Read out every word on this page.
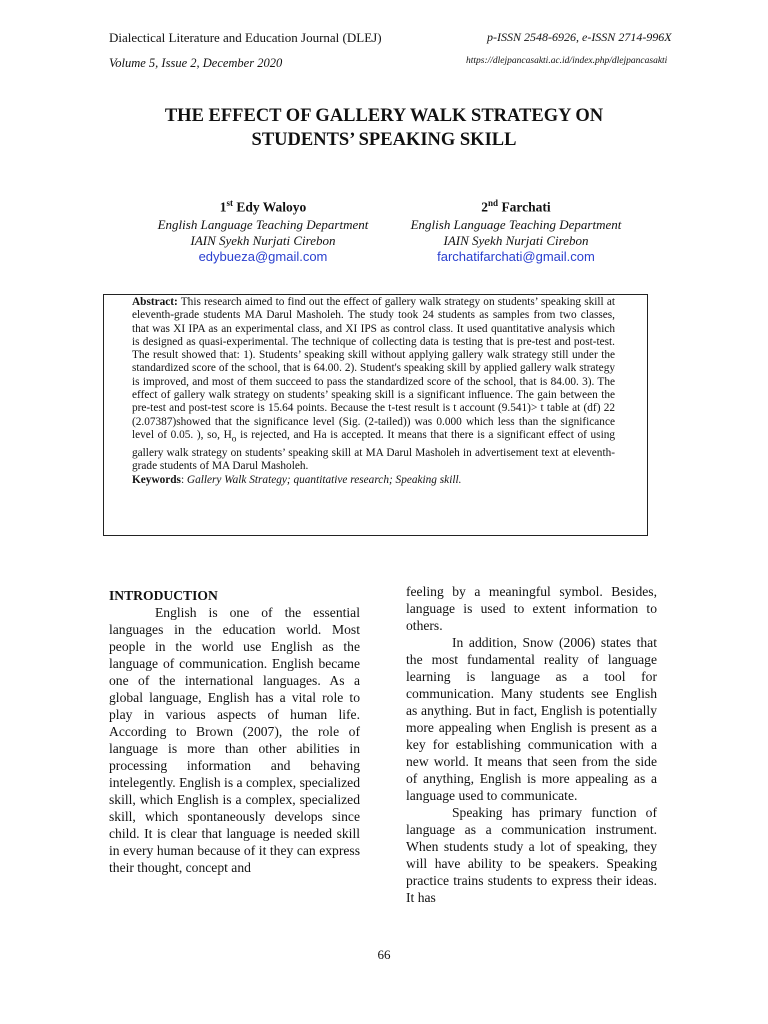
Dialectical Literature and Education Journal (DLEJ)	p-ISSN 2548-6926, e-ISSN 2714-996X
Volume 5, Issue 2, December 2020	https://dlejpancasakti.ac.id/index.php/dlejpancasakti
THE EFFECT OF GALLERY WALK STRATEGY ON
STUDENTS’ SPEAKING SKILL
1st Edy Waloyo
English Language Teaching Department
IAIN Syekh Nurjati Cirebon
edybueza@gmail.com
2nd Farchati
English Language Teaching Department
IAIN Syekh Nurjati Cirebon
farchatifarchati@gmail.com
Abstract: This research aimed to find out the effect of gallery walk strategy on students’ speaking skill at eleventh-grade students MA Darul Masholeh. The study took 24 students as samples from two classes, that was XI IPA as an experimental class, and XI IPS as control class. It used quantitative analysis which is designed as quasi-experimental. The technique of collecting data is testing that is pre-test and post-test. The result showed that: 1). Students’ speaking skill without applying gallery walk strategy still under the standardized score of the school, that is 64.00. 2). Student's speaking skill by applied gallery walk strategy is improved, and most of them succeed to pass the standardized score of the school, that is 84.00. 3). The effect of gallery walk strategy on students’ speaking skill is a significant influence. The gain between the pre-test and post-test score is 15.64 points. Because the t-test result is t account (9.541)> t table at (df) 22 (2.07387)showed that the significance level (Sig. (2-tailed)) was 0.000 which less than the significance level of 0.05. ), so, $H_o$ is rejected, and Ha is accepted. It means that there is a significant effect of using gallery walk strategy on students’ speaking skill at MA Darul Masholeh in advertisement text at eleventh-grade students of MA Darul Masholeh.
Keywords: Gallery Walk Strategy; quantitative research; Speaking skill.
INTRODUCTION

English is one of the essential languages in the education world. Most people in the world use English as the language of communication. English became one of the international languages. As a global language, English has a vital role to play in various aspects of human life. According to Brown (2007), the role of language is more than other abilities in processing information and behaving intelegently. English is a complex, specialized skill, which English is a complex, specialized skill, which spontaneously develops since child. It is clear that language is needed skill in every human because of it they can express their thought, concept and

feeling by a meaningful symbol. Besides, language is used to extent information to others.

In addition, Snow (2006) states that the most fundamental reality of language learning is language as a tool for communication. Many students see English as anything. But in fact, English is potentially more appealing when English is present as a key for establishing communication with a new world. It means that seen from the side of anything, English is more appealing as a language used to communicate.

Speaking has primary function of language as a communication instrument. When students study a lot of speaking, they will have ability to be speakers. Speaking practice trains students to express their ideas. It has

66
